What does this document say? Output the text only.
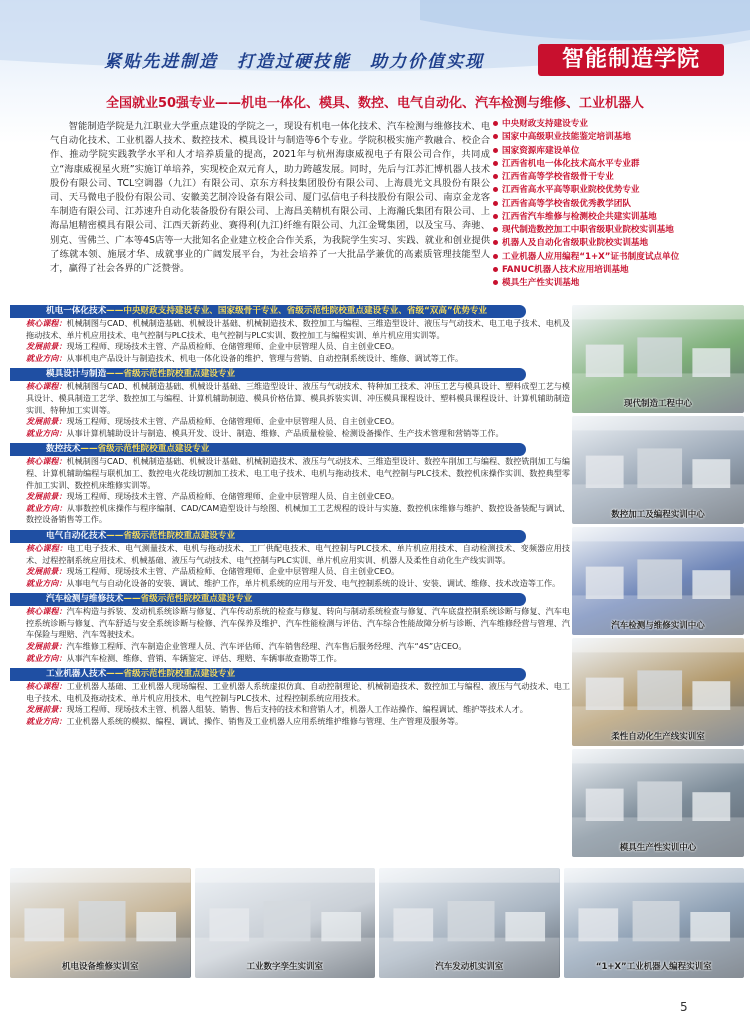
紧贴先进制造　打造过硬技能　助力价值实现	智能制造学院
全国就业50强专业——机电一体化、模具、数控、电气自动化、汽车检测与维修、工业机器人
智能制造学院是九江职业大学重点建设的学院之一，现设有机电一体化技术、汽车检测与维修技术、电气自动化技术、工业机器人技术、数控技术、模具设计与制造等6个专业。学院积极实施产教融合、校企合作、推动学院实践教学水平和人才培养质量的提高，2021年与杭州海康威视电子有限公司合作，共同成立“海康威视星火班”实施订单培养，实现校企双元育人，助力跨越发展。同时，先后与江苏汇博机器人技术股份有限公司、TCL空调器（九江）有限公司、京东方科技集团股份有限公司、上海晨光文具股份有限公司、天马微电子股份有限公司、安徽美艺制冷设备有限公司、厦门弘信电子科技股份有限公司、南京金龙客车制造有限公司、江苏速升自动化装备股份有限公司、上海昌美精机有限公司、上海瀚氏集团有限公司、上海品旭精密模具有限公司、江西天新药业、赛得利(九江)纤维有限公司、九江金鹭集团，以及宝马、奔驰、别克、雪佛兰、广本等4S店等一大批知名企业建立校企合作关系，为我院学生实习、实践、就业和创业提供了练就本领、施展才华、成就事业的广阔发展平台，为社会培养了一大批品学兼优的高素质管理技能型人才，赢得了社会各界的广泛赞誉。
中央财政支持建设专业
国家中高级职业技能鉴定培训基地
国家资源库建设单位
江西省机电一体化技术高水平专业群
江西省高等学校省级骨干专业
江西省高水平高等职业院校优势专业
江西省高等学校省级优秀教学团队
江西省汽车维修与检测校企共建实训基地
现代制造数控加工中职省级职业院校实训基地
机器人及自动化省级职业院校实训基地
工业机器人应用编程“1+X”证书制度试点单位
FANUC机器人技术应用培训基地
模具生产性实训基地
机电一体化技术——中央财政支持建设专业、国家级骨干专业、省级示范性院校重点建设专业、省级“双高”优势专业
核心课程：机械制图与CAD、机械制造基础、机械设计基础、机械制造技术、数控加工与编程、三维造型设计、液压与气动技术、电工电子技术、电机及拖动技术、单片机应用技术、电气控制与PLC技术、电气控制与PLC实训、数控加工与编程实训、单片机应用实训等。
发展前景：现场工程师、现场技术主管、产品质检师、仓储管理师、企业中层管理人员、自主创业CEO。
就业方向：从事机电产品设计与制造技术、机电一体化设备的维护、管理与营销、自动控制系统设计、维修、调试等工作。
模具设计与制造——省级示范性院校重点建设专业
核心课程：机械制图与CAD、机械制造基础、机械设计基础、三维造型设计、液压与气动技术、特种加工技术、冲压工艺与模具设计、塑料成型工艺与模具设计、模具制造工艺学、数控加工与编程、计算机辅助制造、模具价格估算、模具拆装实训、冲压模具课程设计、塑料模具课程设计、计算机辅助制造实训、特种加工实训等。
发展前景：现场工程师、现场技术主管、产品质检师、仓储管理师、企业中层管理人员、自主创业CEO。
就业方向：从事计算机辅助设计与制造、模具开发、设计、制造、维修、产品质量检验、检测设备操作、生产技术管理和营销等工作。
数控技术——省级示范性院校重点建设专业
核心课程：机械制图与CAD、机械制造基础、机械设计基础、机械制造技术、液压与气动技术、三维造型设计、数控车削加工与编程、数控铣削加工与编程、计算机辅助编程与联机加工、数控电火花线切割加工技术、电工电子技术、电机与拖动技术、电气控制与PLC技术、数控机床操作实训、数控典型零件加工实训、数控机床维修实训等。
发展前景：现场工程师、现场技术主管、产品质检师、仓储管理师、企业中层管理人员、自主创业CEO。
就业方向：从事数控机床操作与程序编制、CAD/CAM造型设计与绘图、机械加工工艺规程的设计与实施、数控机床维修与维护、数控设备装配与调试、数控设备销售等工作。
电气自动化技术——省级示范性院校重点建设专业
核心课程：电工电子技术、电气测量技术、电机与拖动技术、工厂供配电技术、电气控制与PLC技术、单片机应用技术、自动检测技术、变频器应用技术、过程控制系统应用技术、机械基础、液压与气动技术、电气控制与PLC实训、单片机应用实训、机器人及柔性自动化生产线实训等。
发展前景：现场工程师、现场技术主管、产品质检师、仓储管理师、企业中层管理人员、自主创业CEO。
就业方向：从事电气与自动化设备的安装、调试、维护工作，单片机系统的应用与开发、电气控制系统的设计、安装、调试、维修、技术改造等工作。
汽车检测与维修技术——省级示范性院校重点建设专业
核心课程：汽车构造与拆装、发动机系统诊断与修复、汽车传动系统的检查与修复、转向与制动系统检查与修复、汽车底盘控制系统诊断与修复、汽车电控系统诊断与修复、汽车舒适与安全系统诊断与检修、汽车保养及维护、汽车性能检测与评估、汽车综合性能故障分析与诊断、汽车维修经营与管理、汽车保险与理赔、汽车驾驶技术。
发展前景：汽车维修工程师、汽车制造企业管理人员、汽车评估师、汽车销售经理、汽车售后服务经理、汽车“4S”店CEO。
就业方向：从事汽车检测、维修、营销、车辆鉴定、评估、理赔、车辆事故查勘等工作。
工业机器人技术——省级示范性院校重点建设专业
核心课程：工业机器人基础、工业机器人现场编程、工业机器人系统虚拟仿真、自动控制理论、机械制造技术、数控加工与编程、液压与气动技术、电工电子技术、电机及拖动技术、单片机应用技术、电气控制与PLC技术、过程控制系统应用技术。
发展前景：现场工程师、现场技术主管、机器人组装、销售、售后支持的技术和营销人才，机器人工作站操作、编程调试、维护等技术人才。
就业方向：工业机器人系统的模拟、编程、调试、操作、销售及工业机器人应用系统维护维修与管理、生产管理及服务等。
现代制造工程中心
数控加工及编程实训中心
汽车检测与维修实训中心
柔性自动化生产线实训室
模具生产性实训中心
机电设备维修实训室	工业数字孪生实训室	汽车发动机实训室	“1+X”工业机器人编程实训室
5
